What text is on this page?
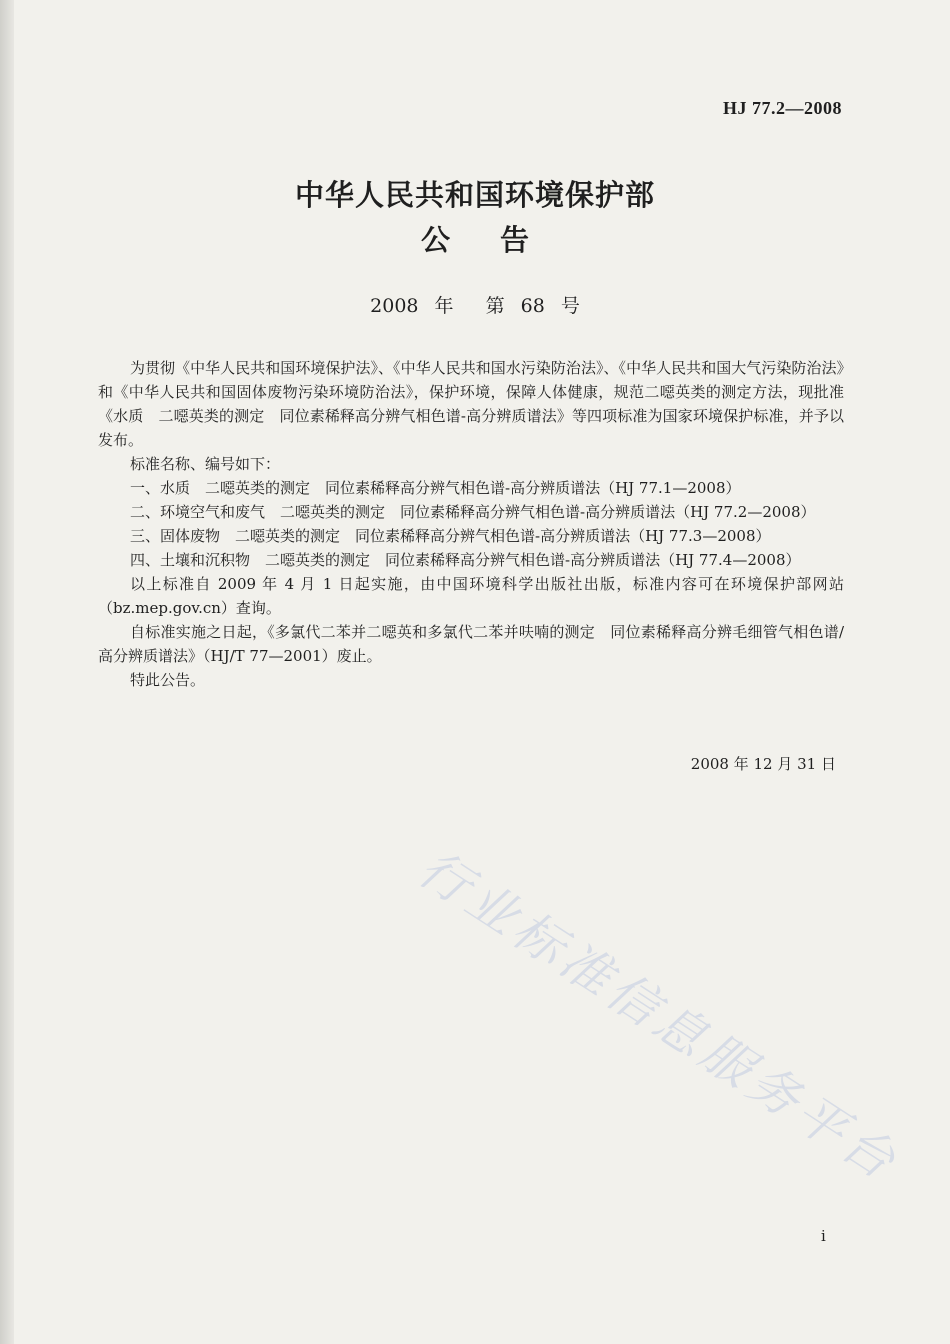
HJ 77.2—2008
中华人民共和国环境保护部
公 告
2008 年 第 68 号

为贯彻《中华人民共和国环境保护法》、《中华人民共和国水污染防治法》、《中华人民共和国大气污染防治法》和《中华人民共和国固体废物污染环境防治法》，保护环境，保障人体健康，规范二噁英类的测定方法，现批准《水质　二噁英类的测定　同位素稀释高分辨气相色谱-高分辨质谱法》等四项标准为国家环境保护标准，并予以发布。

标准名称、编号如下：

一、水质　二噁英类的测定　同位素稀释高分辨气相色谱-高分辨质谱法（HJ 77.1—2008）

二、环境空气和废气　二噁英类的测定　同位素稀释高分辨气相色谱-高分辨质谱法（HJ 77.2—2008）

三、固体废物　二噁英类的测定　同位素稀释高分辨气相色谱-高分辨质谱法（HJ 77.3—2008）

四、土壤和沉积物　二噁英类的测定　同位素稀释高分辨气相色谱-高分辨质谱法（HJ 77.4—2008）

以上标准自 2009 年 4 月 1 日起实施，由中国环境科学出版社出版，标准内容可在环境保护部网站（bz.mep.gov.cn）查询。

自标准实施之日起，《多氯代二苯并二噁英和多氯代二苯并呋喃的测定　同位素稀释高分辨毛细管气相色谱/高分辨质谱法》（HJ/T 77—2001）废止。

特此公告。

2008 年 12 月 31 日
行业标准信息服务平台
i
